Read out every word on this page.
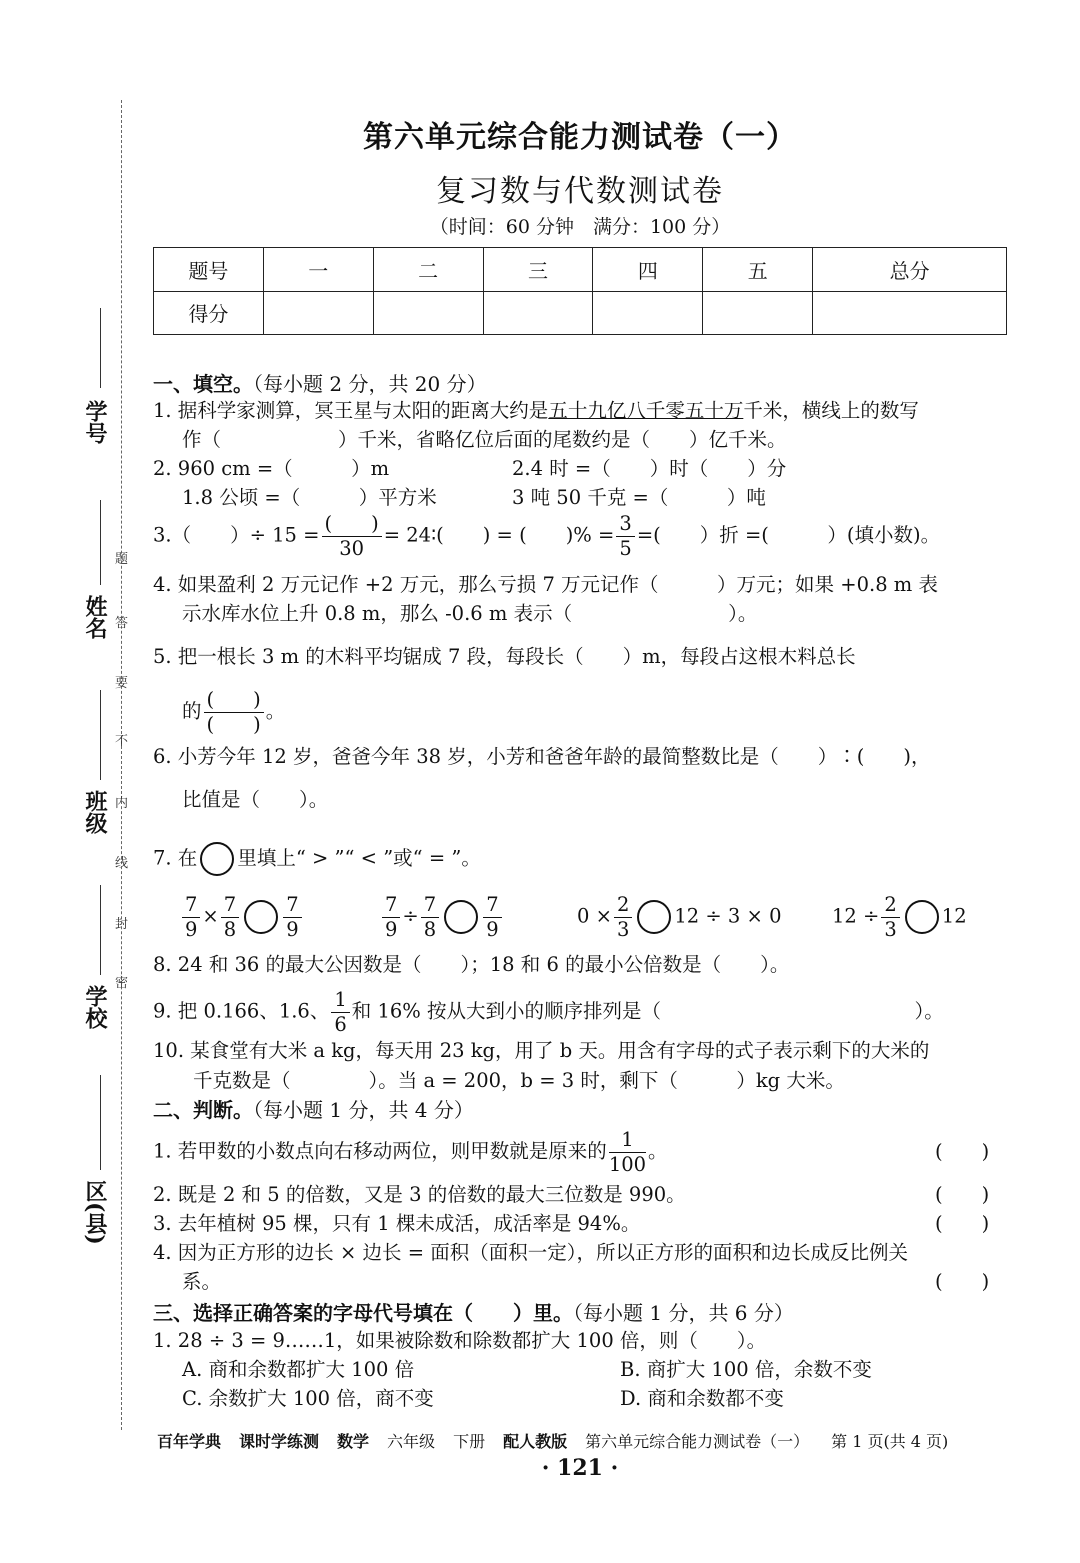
学号
姓名
班级
学校
区(县)
题
答
要
不
内
线
封
密
第六单元综合能力测试卷（一）
复习数与代数测试卷
（时间：60 分钟　满分：100 分）
题号	一	二	三	四	五	总分
得分						
一、填空。（每小题 2 分，共 20 分）
1. 据科学家测算，冥王星与太阳的距离大约是五十九亿八千零五十万千米，横线上的数写
作（　　　　　　）千米，省略亿位后面的尾数约是（　　）亿千米。
2. 960 cm =（　　　）m	2.4 时 =（　　）时（　　）分
1.8 公顷 =（　　　）平方米	3 吨 50 千克 =（　　　）吨
3.（　　）÷ $15 = \frac{( )}{30}$ = 24∶(　　) = (　　)% = $\frac{3}{5}$ =(　　）折 =(　　　）(填小数)。
4. 如果盈利 2 万元记作 +2 万元，那么亏损 7 万元记作（　　　）万元；如果 +0.8 m 表
示水库水位上升 0.8 m，那么 -0.6 m 表示（　　　　　　　　）。
5. 把一根长 3 m 的木料平均锯成 7 段，每段长（　　）m，每段占这根木料总长
的 $\frac{( )}{( )}$ 。
6. 小芳今年 12 岁，爸爸今年 38 岁，小芳和爸爸年龄的最简整数比是（　　）∶(　　)，
比值是（　　）。
7. 在 里填上“ > ”“ < ”或“ = ”。
$\frac{7}{9} \times \frac{7}{8} \frac{7}{9}$	$\frac{7}{9} \div \frac{7}{8} \frac{7}{9}$	$0 \times \frac{2}{3} 12 \div 3 \times 0$	$12 \div \frac{2}{3} 12$
8. 24 和 36 的最大公因数是（　　）；18 和 6 的最小公倍数是（　　）。
9. 把 0.166、1.6、 $\frac{1}{6}$ 和 16% 按从大到小的顺序排列是（　　　　　　　　　　　　　）。
10. 某食堂有大米 a kg，每天用 23 kg，用了 b 天。用含有字母的式子表示剩下的大米的
千克数是（　　　　）。当 a = 200，b = 3 时，剩下（　　　）kg 大米。
二、判断。（每小题 1 分，共 4 分）
1. 若甲数的小数点向右移动两位，则甲数就是原来的 $\frac{1}{100}$ 。	(　　)
2. 既是 2 和 5 的倍数，又是 3 的倍数的最大三位数是 990。	(　　)
3. 去年植树 95 棵，只有 1 棵未成活，成活率是 94%。	(　　)
4. 因为正方形的边长 × 边长 = 面积（面积一定），所以正方形的面积和边长成反比例关
系。	(　　)
三、选择正确答案的字母代号填在（　　）里。（每小题 1 分，共 6 分）
1. 28 ÷ 3 = 9……1，如果被除数和除数都扩大 100 倍，则（　　）。
A. 商和余数都扩大 100 倍	B. 商扩大 100 倍，余数不变
C. 余数扩大 100 倍，商不变	D. 商和余数都不变
百年学典 课时学练测 数学 六年级 下册 配人教版 第六单元综合能力测试卷（一） 第 1 页(共 4 页)
· 121 ·
